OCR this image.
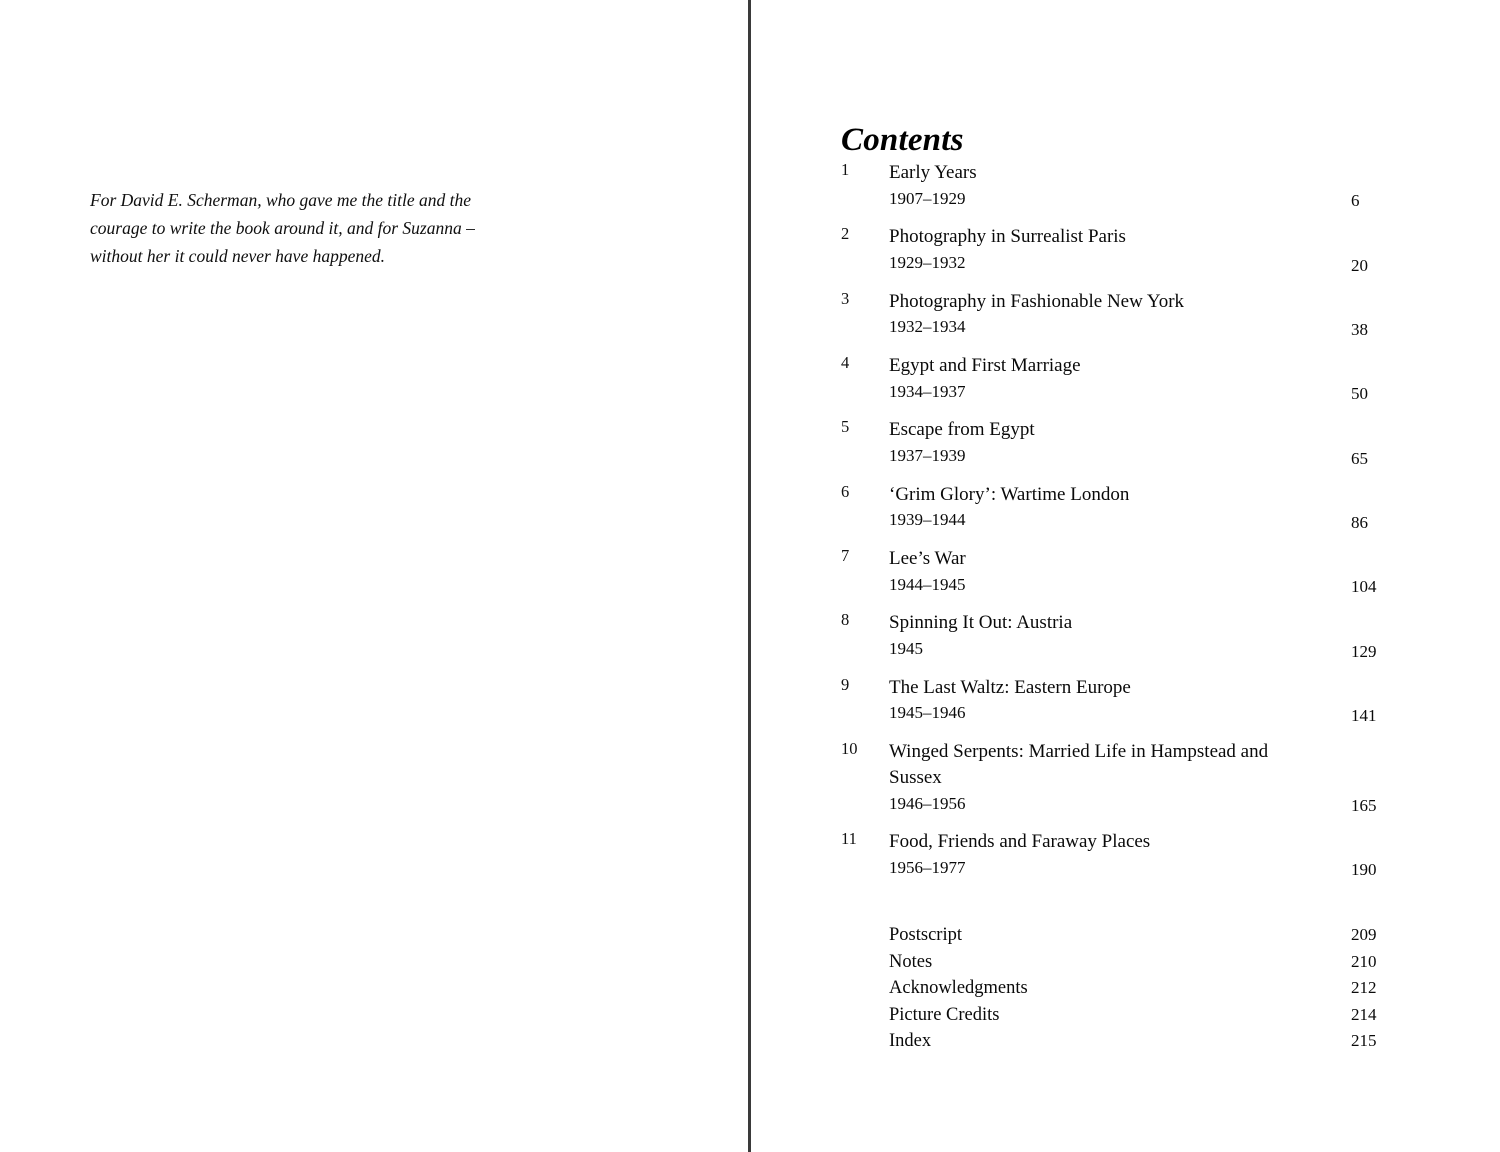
For David E. Scherman, who gave me the title and the courage to write the book around it, and for Suzanna – without her it could never have happened.

Contents
1	Early Years
1907–1929	6
2	Photography in Surrealist Paris
1929–1932	20
3	Photography in Fashionable New York
1932–1934	38
4	Egypt and First Marriage
1934–1937	50
5	Escape from Egypt
1937–1939	65
6	‘Grim Glory’: Wartime London
1939–1944	86
7	Lee’s War
1944–1945	104
8	Spinning It Out: Austria
1945	129
9	The Last Waltz: Eastern Europe
1945–1946	141
10	Winged Serpents: Married Life in Hampstead and Sussex
1946–1956	165
11	Food, Friends and Faraway Places
1956–1977	190
Postscript	209
Notes	210
Acknowledgments	212
Picture Credits	214
Index	215
